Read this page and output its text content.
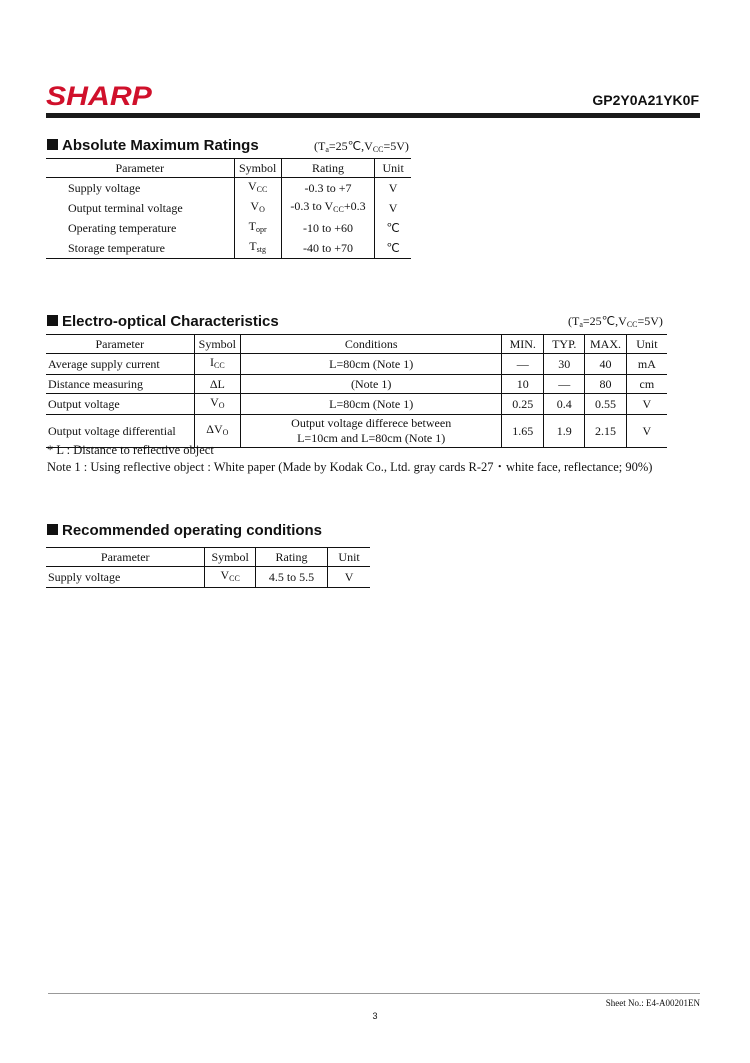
SHARP	GP2Y0A21YK0F
Absolute Maximum Ratings	$(T_a=25℃,V_{CC}=5V)$
Parameter	Symbol	Rating	Unit
Supply voltage	$V_{CC}$	-0.3 to +7	V
Output terminal voltage	$V_O$	-0.3 to $V_{CC}+0.3$	V
Operating temperature	$T_{opr}$	-10 to +60	℃
Storage temperature	$T_{stg}$	-40 to +70	℃
Electro-optical Characteristics	$(T_a=25℃,V_{CC}=5V)$
Parameter	Symbol	Conditions	MIN.	TYP.	MAX.	Unit
Average supply current	$I_{CC}$	L=80cm (Note 1)	—	30	40	mA
Distance measuring	ΔL	(Note 1)	10	—	80	cm
Output voltage	$V_O$	L=80cm (Note 1)	0.25	0.4	0.55	V
Output voltage differential	$\Delta V_O$	Output voltage differece between
L=10cm and L=80cm (Note 1)	1.65	1.9	2.15	V
* L : Distance to reflective object
Note 1 : Using reflective object : White paper (Made by Kodak Co., Ltd. gray cards R-27・white face, reflectance; 90%)
Recommended operating conditions
Parameter	Symbol	Rating	Unit
Supply voltage	$V_{CC}$	4.5 to 5.5	V
Sheet No.: E4-A00201EN
3
